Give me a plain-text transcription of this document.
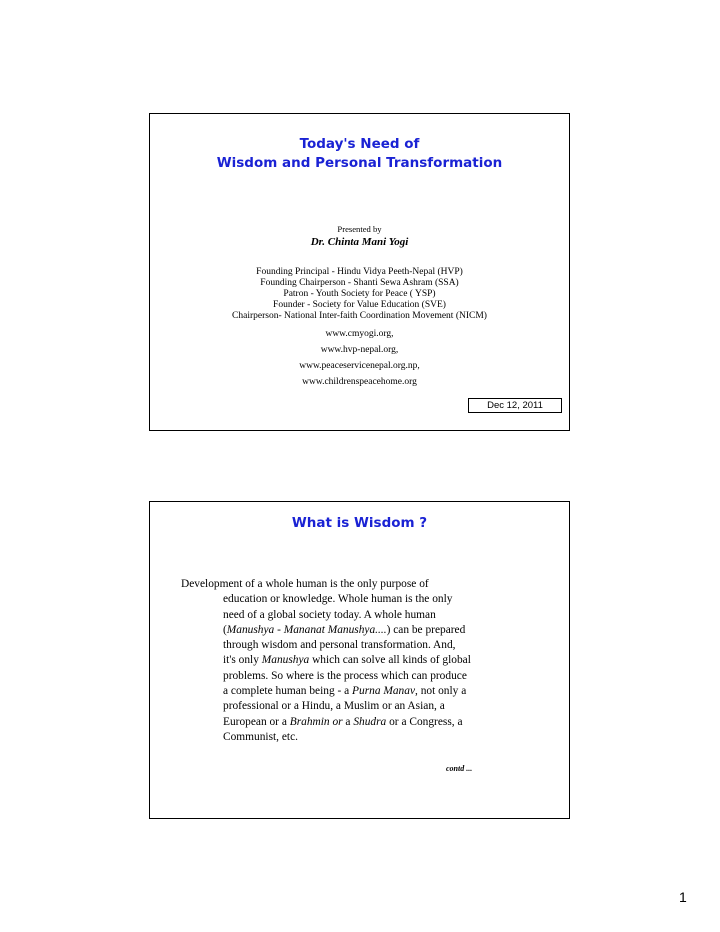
Today's Need of
Wisdom and Personal Transformation
Presented by
Dr. Chinta Mani Yogi
Founding Principal - Hindu Vidya Peeth-Nepal (HVP)
Founding Chairperson - Shanti Sewa Ashram (SSA)
Patron - Youth Society for Peace ( YSP)
Founder - Society for Value Education (SVE)
Chairperson- National Inter-faith Coordination Movement (NICM)
www.cmyogi.org,
www.hvp-nepal.org,
www.peaceservicenepal.org.np,
www.childrenspeacehome.org
Dec 12, 2011
What is Wisdom ?
Development of a whole human is the only purpose of
education or knowledge. Whole human is the only
need of a global society today. A whole human
(Manushya - Mananat Manushya....) can be prepared
through wisdom and personal transformation. And,
it's only Manushya which can solve all kinds of global
problems. So where is the process which can produce
a complete human being - a Purna Manav, not only a
professional or a Hindu, a Muslim or an Asian, a
European or a Brahmin or a Shudra or a Congress, a
Communist, etc.
contd ...
1
